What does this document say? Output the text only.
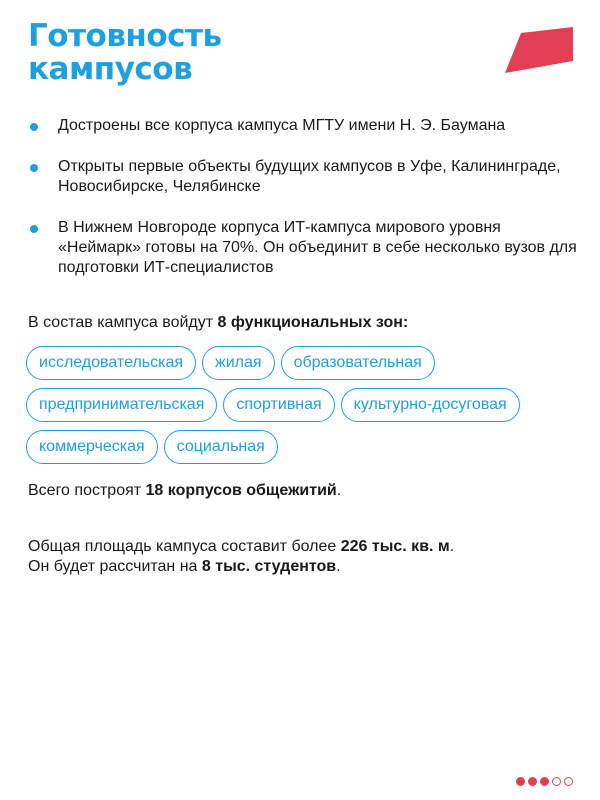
Готовность
кампусов
Достроены все корпуса кампуса МГТУ имени Н. Э. Баумана
Открыты первые объекты будущих кампусов в Уфе, Калининграде, Новосибирске, Челябинске
В Нижнем Новгороде корпуса ИТ-кампуса мирового уровня «Неймарк» готовы на 70%. Он объединит в себе несколько вузов для подготовки ИТ-специалистов
В состав кампуса войдут 8 функциональных зон:
исследовательская	жилая	образовательная
предпринимательская	спортивная	культурно-досуговая
коммерческая	социальная
Всего построят 18 корпусов общежитий.
Общая площадь кампуса составит более 226 тыс. кв. м.
Он будет рассчитан на 8 тыс. студентов.
